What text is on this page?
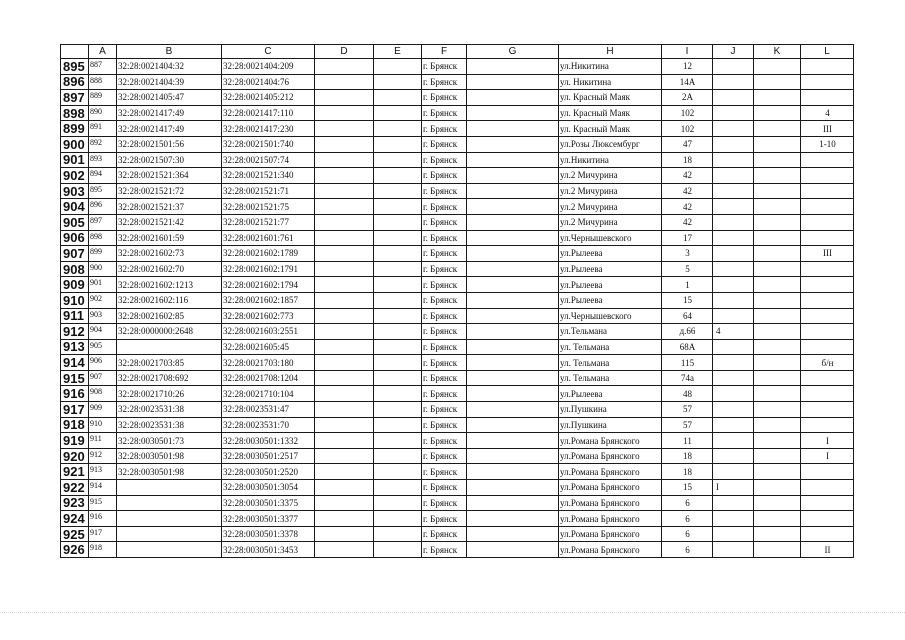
	A	B	C	D	E	F	G	H	I	J	K	L
895	887	32:28:0021404:32	32:28:0021404:209			г. Брянск		ул.Никитина	12			
896	888	32:28:0021404:39	32:28:0021404:76			г. Брянск		ул. Никитина	14А			
897	889	32:28:0021405:47	32:28:0021405:212			г. Брянск		ул. Красный Маяк	2А			
898	890	32:28:0021417:49	32:28:0021417:110			г. Брянск		ул. Красный Маяк	102			4
899	891	32:28:0021417:49	32:28:0021417:230			г. Брянск		ул. Красный Маяк	102			III
900	892	32:28:0021501:56	32:28:0021501:740			г. Брянск		ул.Розы Люксембург	47			1-10
901	893	32:28:0021507:30	32:28:0021507:74			г. Брянск		ул.Никитина	18			
902	894	32:28:0021521:364	32:28:0021521:340			г. Брянск		ул.2 Мичурина	42			
903	895	32:28:0021521:72	32:28:0021521:71			г. Брянск		ул.2 Мичурина	42			
904	896	32:28:0021521:37	32:28:0021521:75			г. Брянск		ул.2 Мичурина	42			
905	897	32:28:0021521:42	32:28:0021521:77			г. Брянск		ул.2 Мичурина	42			
906	898	32:28:0021601:59	32:28:0021601:761			г. Брянск		ул.Чернышевского	17			
907	899	32:28:0021602:73	32:28:0021602:1789			г. Брянск		ул.Рылеева	3			III
908	900	32:28:0021602:70	32:28:0021602:1791			г. Брянск		ул.Рылеева	5			
909	901	32:28:0021602:1213	32:28:0021602:1794			г. Брянск		ул.Рылеева	1			
910	902	32:28:0021602:116	32:28:0021602:1857			г. Брянск		ул.Рылеева	15			
911	903	32:28:0021602:85	32:28:0021602:773			г. Брянск		ул.Чернышевского	64			
912	904	32:28:0000000:2648	32:28:0021603:2551			г. Брянск		ул.Тельмана	д.66	4		
913	905		32:28:0021605:45			г. Брянск		ул. Тельмана	68А			
914	906	32:28:0021703:85	32:28:0021703:180			г. Брянск		ул. Тельмана	115			б/н
915	907	32:28:0021708:692	32:28:0021708:1204			г. Брянск		ул. Тельмана	74а			
916	908	32:28:0021710:26	32:28:0021710:104			г. Брянск		ул.Рылеева	48			
917	909	32:28:0023531:38	32:28:0023531:47			г. Брянск		ул.Пушкина	57			
918	910	32:28:0023531:38	32:28:0023531:70			г. Брянск		ул.Пушкина	57			
919	911	32:28:0030501:73	32:28:0030501:1332			г. Брянск		ул.Романа Брянского	11			I
920	912	32:28:0030501:98	32:28:0030501:2517			г. Брянск		ул.Романа Брянского	18			I
921	913	32:28:0030501:98	32:28:0030501:2520			г. Брянск		ул.Романа Брянского	18			
922	914		32:28:0030501:3054			г. Брянск		ул.Романа Брянского	15	I		
923	915		32:28:0030501:3375			г. Брянск		ул.Романа Брянского	6			
924	916		32:28:0030501:3377			г. Брянск		ул.Романа Брянского	6			
925	917		32:28:0030501:3378			г. Брянск		ул.Романа Брянского	6			
926	918		32:28:0030501:3453			г. Брянск		ул.Романа Брянского	6			II
